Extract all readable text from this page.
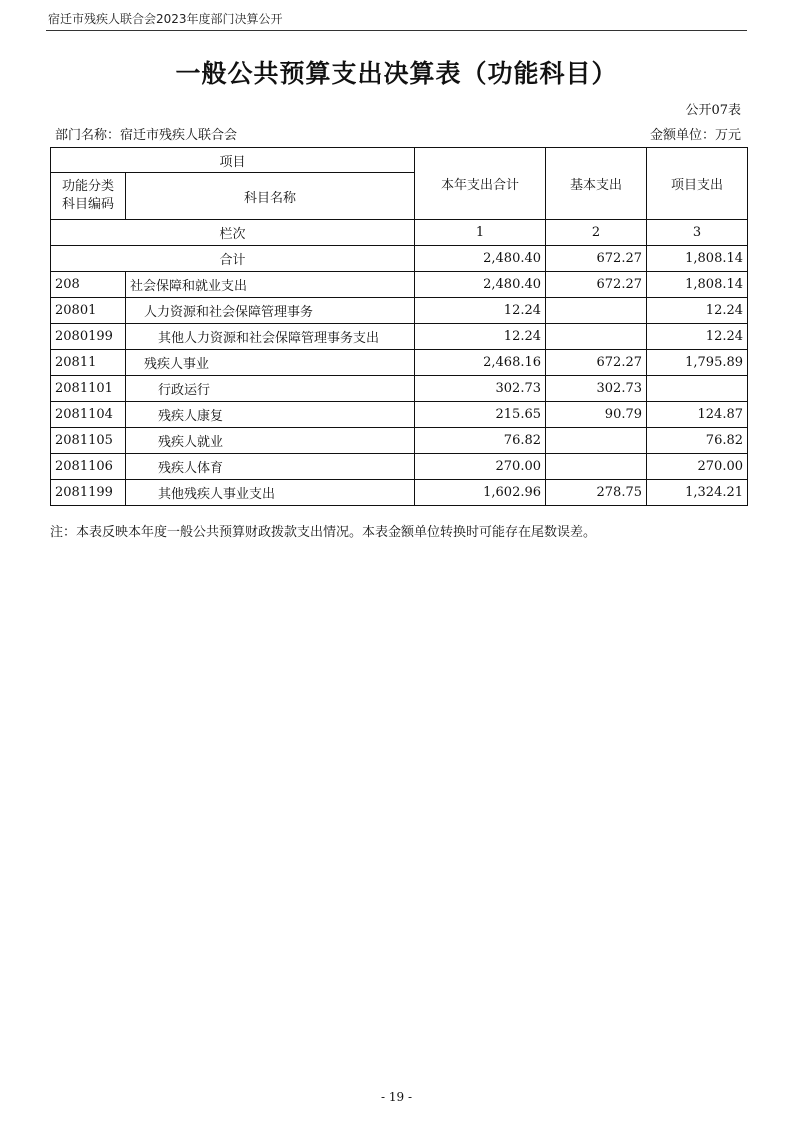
宿迁市残疾人联合会2023年度部门决算公开
一般公共预算支出决算表（功能科目）
公开07表
部门名称：宿迁市残疾人联合会	金额单位：万元
项目		本年支出合计	基本支出	项目支出
功能分类
科目编码	科目名称			
栏次		1	2	3
合计		2,480.40	672.27	1,808.14
208	社会保障和就业支出	2,480.40	672.27	1,808.14
20801	人力资源和社会保障管理事务	12.24		12.24
2080199	其他人力资源和社会保障管理事务支出	12.24		12.24
20811	残疾人事业	2,468.16	672.27	1,795.89
2081101	行政运行	302.73	302.73	
2081104	残疾人康复	215.65	90.79	124.87
2081105	残疾人就业	76.82		76.82
2081106	残疾人体育	270.00		270.00
2081199	其他残疾人事业支出	1,602.96	278.75	1,324.21
注：本表反映本年度一般公共预算财政拨款支出情况。本表金额单位转换时可能存在尾数误差。
- 19 -
